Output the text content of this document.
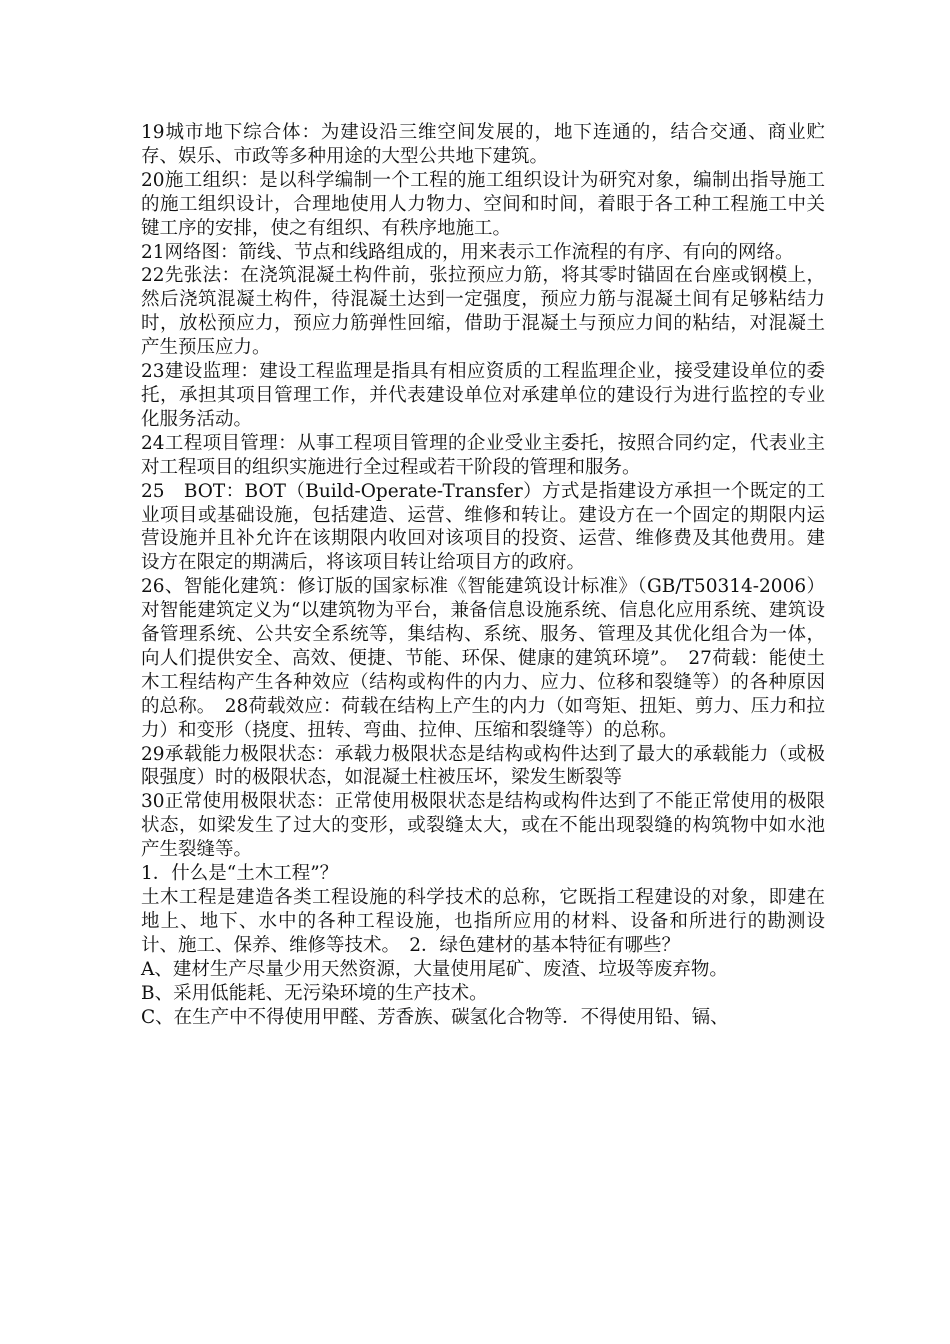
19城市地下综合体：为建设沿三维空间发展的，地下连通的，结合交通、商业贮存、娱乐、市政等多种用途的大型公共地下建筑。

20施工组织：是以科学编制一个工程的施工组织设计为研究对象，编制出指导施工的施工组织设计，合理地使用人力物力、空间和时间，着眼于各工种工程施工中关键工序的安排，使之有组织、有秩序地施工。

21网络图：箭线、节点和线路组成的，用来表示工作流程的有序、有向的网络。

22先张法：在浇筑混凝土构件前，张拉预应力筋，将其零时锚固在台座或钢模上，然后浇筑混凝土构件，待混凝土达到一定强度，预应力筋与混凝土间有足够粘结力时，放松预应力，预应力筋弹性回缩，借助于混凝土与预应力间的粘结，对混凝土产生预压应力。

23建设监理：建设工程监理是指具有相应资质的工程监理企业，接受建设单位的委托，承担其项目管理工作，并代表建设单位对承建单位的建设行为进行监控的专业化服务活动。

24工程项目管理：从事工程项目管理的企业受业主委托，按照合同约定，代表业主对工程项目的组织实施进行全过程或若干阶段的管理和服务。

25　BOT：BOT（Build-Operate-Transfer）方式是指建设方承担一个既定的工业项目或基础设施，包括建造、运营、维修和转让。建设方在一个固定的期限内运营设施并且补允许在该期限内收回对该项目的投资、运营、维修费及其他费用。建设方在限定的期满后，将该项目转让给项目方的政府。

26、智能化建筑：修订版的国家标准《智能建筑设计标准》（GB/T50314-2006）对智能建筑定义为“以建筑物为平台，兼备信息设施系统、信息化应用系统、建筑设备管理系统、公共安全系统等，集结构、系统、服务、管理及其优化组合为一体，向人们提供安全、高效、便捷、节能、环保、健康的建筑环境”。　27荷载：能使土木工程结构产生各种效应（结构或构件的内力、应力、位移和裂缝等）的各种原因的总称。　28荷载效应：荷载在结构上产生的内力（如弯矩、扭矩、剪力、压力和拉力）和变形（挠度、扭转、弯曲、拉伸、压缩和裂缝等）的总称。

29承载能力极限状态：承载力极限状态是结构或构件达到了最大的承载能力（或极限强度）时的极限状态，如混凝土柱被压坏，梁发生断裂等

30正常使用极限状态：正常使用极限状态是结构或构件达到了不能正常使用的极限状态，如梁发生了过大的变形，或裂缝太大，或在不能出现裂缝的构筑物中如水池产生裂缝等。

1．什么是“土木工程”？

土木工程是建造各类工程设施的科学技术的总称，它既指工程建设的对象，即建在地上、地下、水中的各种工程设施，也指所应用的材料、设备和所进行的勘测设计、施工、保养、维修等技术。　2．绿色建材的基本特征有哪些？

A、建材生产尽量少用天然资源，大量使用尾矿、废渣、垃圾等废弃物。

B、采用低能耗、无污染环境的生产技术。

C、在生产中不得使用甲醛、芳香族、碳氢化合物等．不得使用铅、镉、
